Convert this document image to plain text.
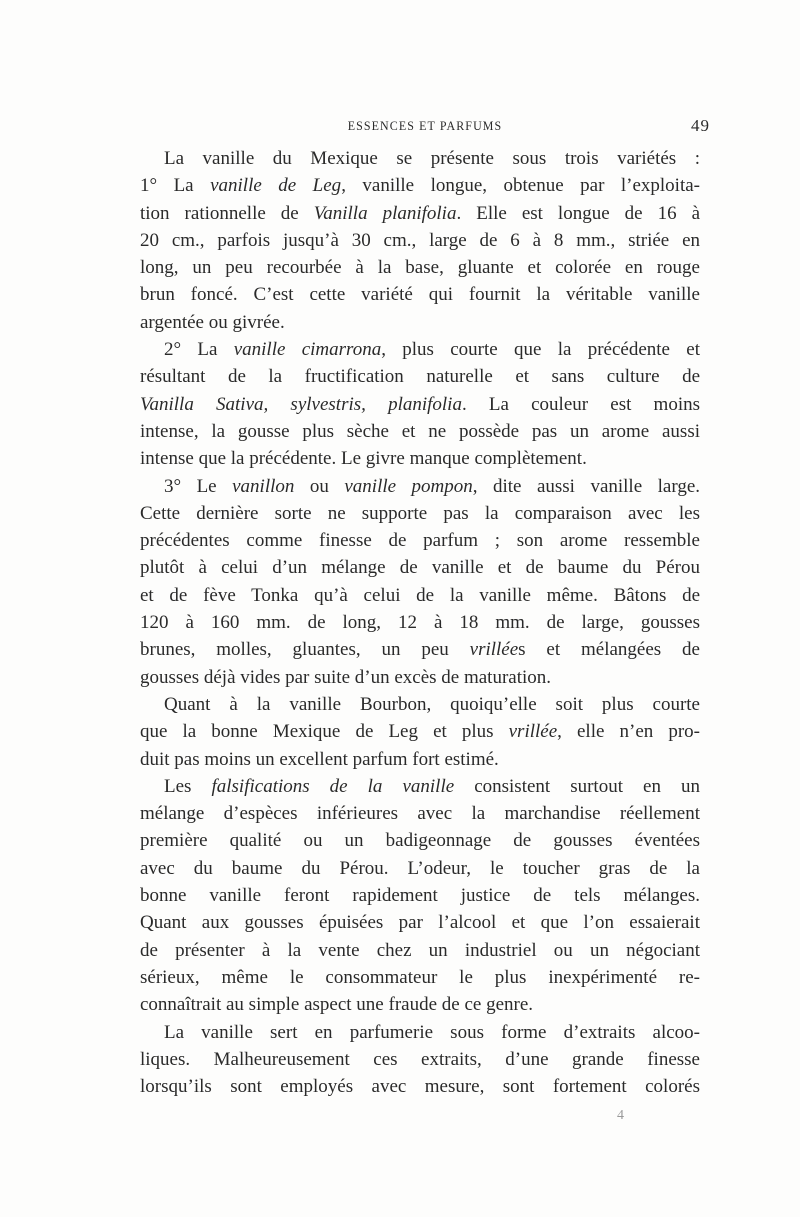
ESSENCES ET PARFUMS	49
La vanille du Mexique se présente sous trois variétés :
1° La vanille de Leg, vanille longue, obtenue par l’exploita-
tion rationnelle de Vanilla planifolia. Elle est longue de 16 à
20 cm., parfois jusqu’à 30 cm., large de 6 à 8 mm., striée en
long, un peu recourbée à la base, gluante et colorée en rouge
brun foncé. C’est cette variété qui fournit la véritable vanille
argentée ou givrée.
2° La vanille cimarrona, plus courte que la précédente et
résultant de la fructification naturelle et sans culture de
Vanilla Sativa, sylvestris, planifolia. La couleur est moins
intense, la gousse plus sèche et ne possède pas un arome aussi
intense que la précédente. Le givre manque complètement.
3° Le vanillon ou vanille pompon, dite aussi vanille large.
Cette dernière sorte ne supporte pas la comparaison avec les
précédentes comme finesse de parfum ; son arome ressemble
plutôt à celui d’un mélange de vanille et de baume du Pérou
et de fève Tonka qu’à celui de la vanille même. Bâtons de
120 à 160 mm. de long, 12 à 18 mm. de large, gousses
brunes, molles, gluantes, un peu vrillées et mélangées de
gousses déjà vides par suite d’un excès de maturation.
Quant à la vanille Bourbon, quoiqu’elle soit plus courte
que la bonne Mexique de Leg et plus vrillée, elle n’en pro-
duit pas moins un excellent parfum fort estimé.
Les falsifications de la vanille consistent surtout en un
mélange d’espèces inférieures avec la marchandise réellement
première qualité ou un badigeonnage de gousses éventées
avec du baume du Pérou. L’odeur, le toucher gras de la
bonne vanille feront rapidement justice de tels mélanges.
Quant aux gousses épuisées par l’alcool et que l’on essaierait
de présenter à la vente chez un industriel ou un négociant
sérieux, même le consommateur le plus inexpérimenté re-
connaîtrait au simple aspect une fraude de ce genre.
La vanille sert en parfumerie sous forme d’extraits alcoo-
liques. Malheureusement ces extraits, d’une grande finesse
lorsqu’ils sont employés avec mesure, sont fortement colorés
4
